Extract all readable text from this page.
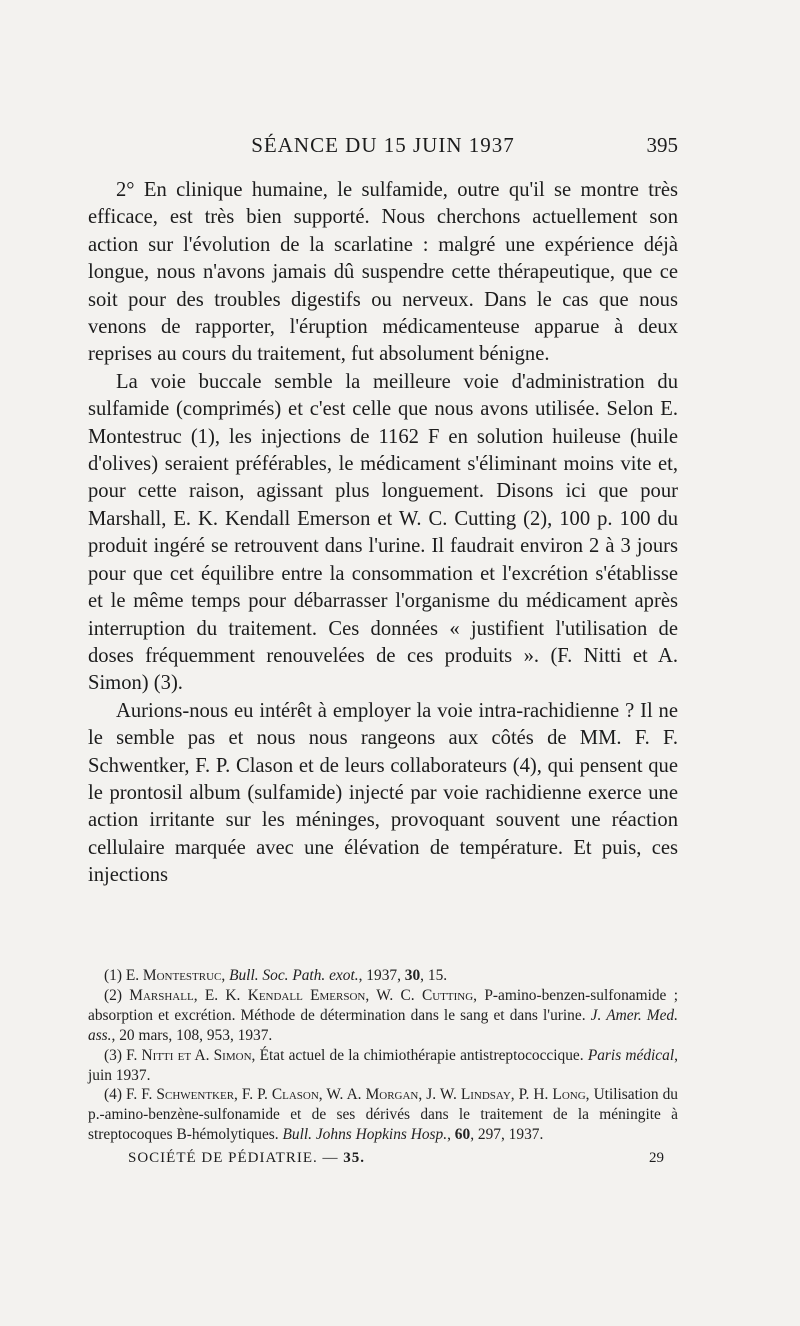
SÉANCE DU 15 JUIN 1937	395

2° En clinique humaine, le sulfamide, outre qu'il se montre très efficace, est très bien supporté. Nous cherchons actuellement son action sur l'évolution de la scarlatine : malgré une expérience déjà longue, nous n'avons jamais dû suspendre cette thérapeutique, que ce soit pour des troubles digestifs ou nerveux. Dans le cas que nous venons de rapporter, l'éruption médicamenteuse apparue à deux reprises au cours du traitement, fut absolument bénigne.

La voie buccale semble la meilleure voie d'administration du sulfamide (comprimés) et c'est celle que nous avons utilisée. Selon E. Montestruc (1), les injections de 1162 F en solution huileuse (huile d'olives) seraient préférables, le médicament s'éliminant moins vite et, pour cette raison, agissant plus longuement. Disons ici que pour Marshall, E. K. Kendall Emerson et W. C. Cutting (2), 100 p. 100 du produit ingéré se retrouvent dans l'urine. Il faudrait environ 2 à 3 jours pour que cet équilibre entre la consommation et l'excrétion s'établisse et le même temps pour débarrasser l'organisme du médicament après interruption du traitement. Ces données « justifient l'utilisation de doses fréquemment renouvelées de ces produits ». (F. Nitti et A. Simon) (3).

Aurions-nous eu intérêt à employer la voie intra-rachidienne ? Il ne le semble pas et nous nous rangeons aux côtés de MM. F. F. Schwentker, F. P. Clason et de leurs collaborateurs (4), qui pensent que le prontosil album (sulfamide) injecté par voie rachidienne exerce une action irritante sur les méninges, provoquant souvent une réaction cellulaire marquée avec une élévation de température. Et puis, ces injections

(1) E. Montestruc, Bull. Soc. Path. exot., 1937, 30, 15.

(2) Marshall, E. K. Kendall Emerson, W. C. Cutting, P-amino-benzen-sulfonamide ; absorption et excrétion. Méthode de détermination dans le sang et dans l'urine. J. Amer. Med. ass., 20 mars, 108, 953, 1937.

(3) F. Nitti et A. Simon, État actuel de la chimiothérapie antistreptococcique. Paris médical, juin 1937.

(4) F. F. Schwentker, F. P. Clason, W. A. Morgan, J. W. Lindsay, P. H. Long, Utilisation du p.-amino-benzène-sulfonamide et de ses dérivés dans le traitement de la méningite à streptocoques B-hémolytiques. Bull. Johns Hopkins Hosp., 60, 297, 1937.

SOCIÉTÉ DE PÉDIATRIE. — 35.	29
